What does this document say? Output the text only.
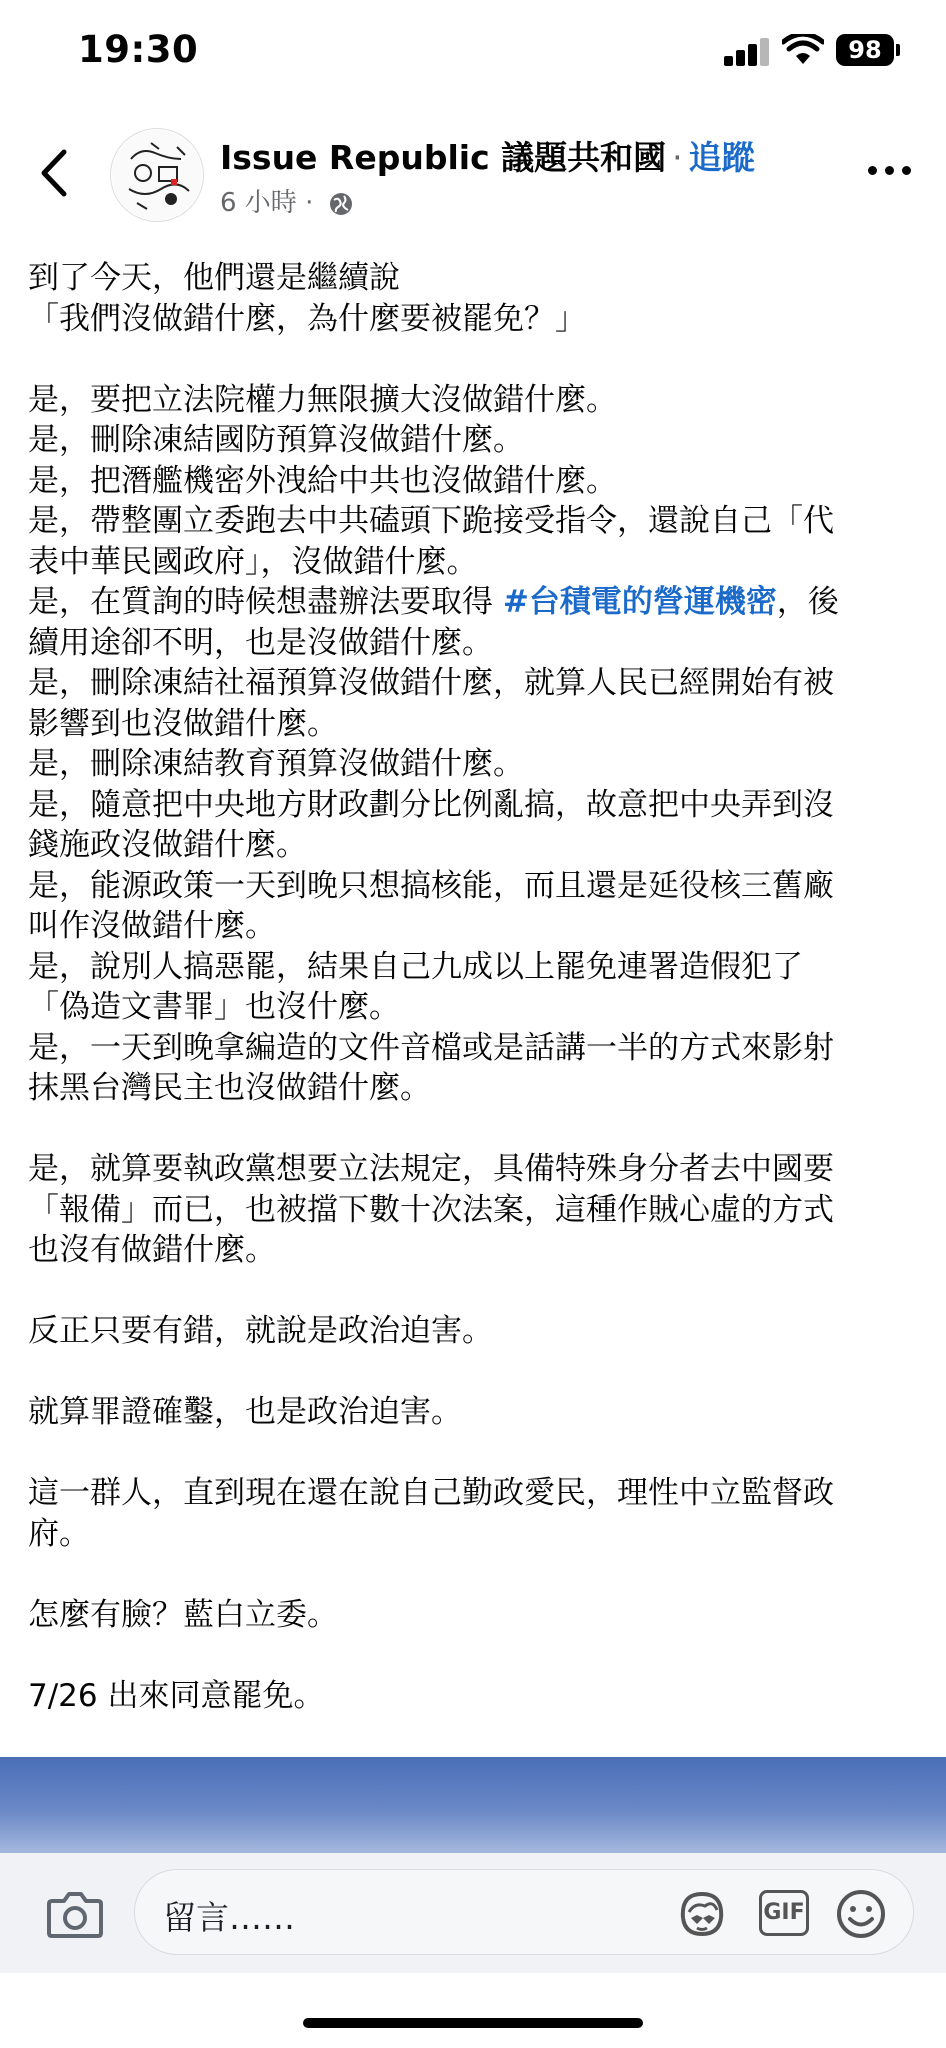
19:30	98
Issue Republic 議題共和國 · 追蹤
6 小時 ·

到了今天，他們還是繼續說

「我們沒做錯什麼，為什麼要被罷免？」

是，要把立法院權力無限擴大沒做錯什麼。

是，刪除凍結國防預算沒做錯什麼。

是，把潛艦機密外洩給中共也沒做錯什麼。

是，帶整團立委跑去中共磕頭下跪接受指令，還說自己「代

表中華民國政府」，沒做錯什麼。

是，在質詢的時候想盡辦法要取得 #台積電的營運機密，後

續用途卻不明，也是沒做錯什麼。

是，刪除凍結社福預算沒做錯什麼，就算人民已經開始有被

影響到也沒做錯什麼。

是，刪除凍結教育預算沒做錯什麼。

是，隨意把中央地方財政劃分比例亂搞，故意把中央弄到沒

錢施政沒做錯什麼。

是，能源政策一天到晚只想搞核能，而且還是延役核三舊廠

叫作沒做錯什麼。

是，說別人搞惡罷，結果自己九成以上罷免連署造假犯了

「偽造文書罪」也沒什麼。

是，一天到晚拿編造的文件音檔或是話講一半的方式來影射

抹黑台灣民主也沒做錯什麼。

是，就算要執政黨想要立法規定，具備特殊身分者去中國要

「報備」而已，也被擋下數十次法案，這種作賊心虛的方式

也沒有做錯什麼。

反正只要有錯，就說是政治迫害。

就算罪證確鑿，也是政治迫害。

這一群人，直到現在還在說自己勤政愛民，理性中立監督政

府。

怎麼有臉？藍白立委。

7/26 出來同意罷免。

留言……	GIF
